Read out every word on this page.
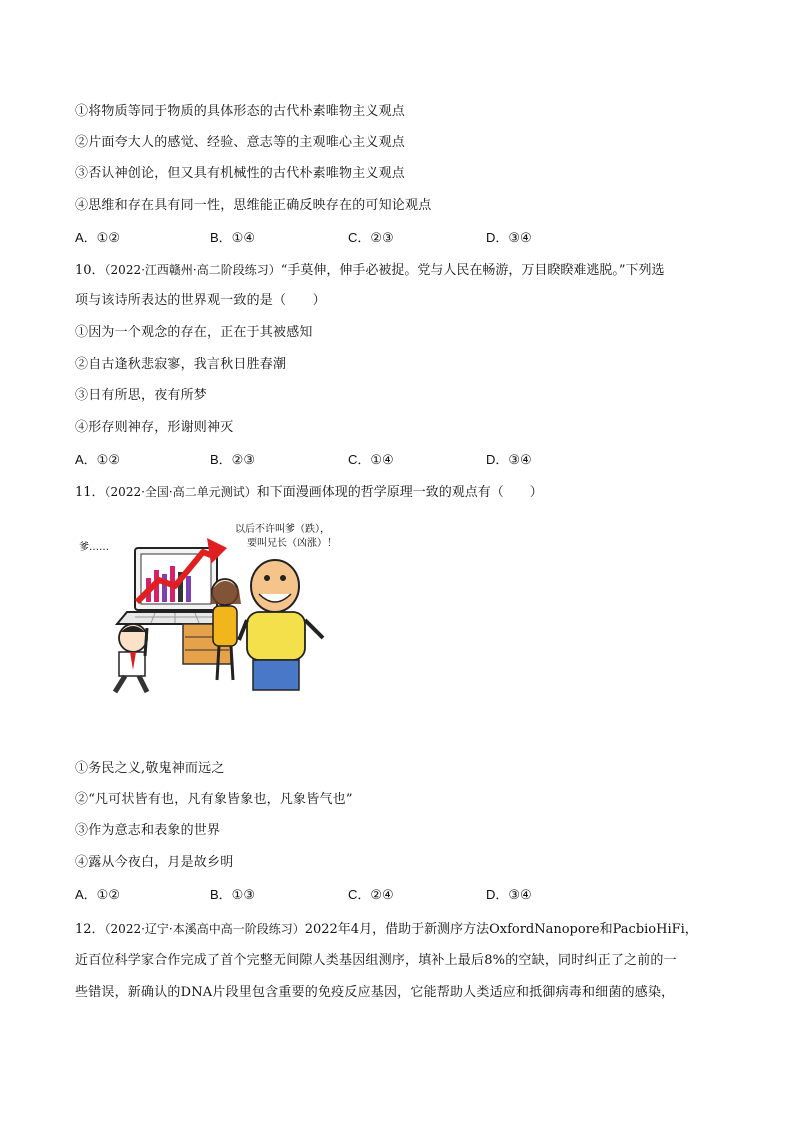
①将物质等同于物质的具体形态的古代朴素唯物主义观点
②片面夸大人的感觉、经验、意志等的主观唯心主义观点
③否认神创论，但又具有机械性的古代朴素唯物主义观点
④思维和存在具有同一性，思维能正确反映存在的可知论观点
A．①②	B．①④	C．②③	D．③④
10．（2022·江西赣州·高二阶段练习）“手莫伸，伸手必被捉。党与人民在畅游，万目睽睽难逃脱。”下列选
项与该诗所表达的世界观一致的是（　　）
①因为一个观念的存在，正在于其被感知
②自古逢秋悲寂寥，我言秋日胜春潮
③日有所思，夜有所梦
④形存则神存，形谢则神灭
A．①②	B．②③	C．①④	D．③④
11．（2022·全国·高二单元测试）和下面漫画体现的哲学原理一致的观点有（　　）
爹……
以后不许叫爹（跌），
要叫兄长（凶涨）！
①务民之义,敬鬼神而远之
②“凡可状皆有也，凡有象皆象也，凡象皆气也”
③作为意志和表象的世界
④露从今夜白，月是故乡明
A．①②	B．①③	C．②④	D．③④
12．（2022·辽宁·本溪高中高一阶段练习）2022年4月，借助于新测序方法OxfordNanopore和PacbioHiFi，
近百位科学家合作完成了首个完整无间隙人类基因组测序，填补上最后8%的空缺，同时纠正了之前的一
些错误，新确认的DNA片段里包含重要的免疫反应基因，它能帮助人类适应和抵御病毒和细菌的感染，
